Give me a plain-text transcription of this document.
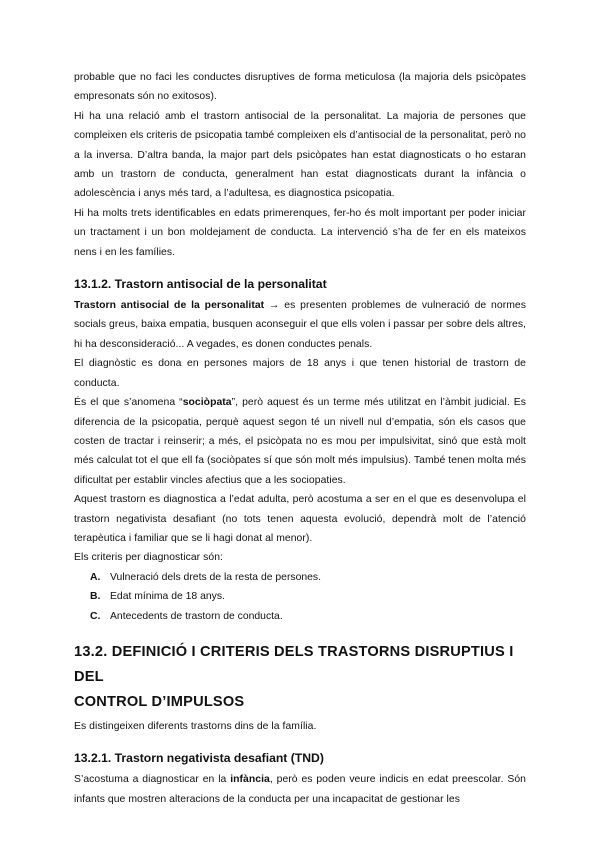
probable que no faci les conductes disruptives de forma meticulosa (la majoria dels psicòpates empresonats són no exitosos).

Hi ha una relació amb el trastorn antisocial de la personalitat. La majoria de persones que compleixen els criteris de psicopatia també compleixen els d’antisocial de la personalitat, però no a la inversa. D’altra banda, la major part dels psicòpates han estat diagnosticats o ho estaran amb un trastorn de conducta, generalment han estat diagnosticats durant la infància o adolescència i anys més tard, a l’adultesa, es diagnostica psicopatia.

Hi ha molts trets identificables en edats primerenques, fer-ho és molt important per poder iniciar un tractament i un bon moldejament de conducta. La intervenció s’ha de fer en els mateixos nens i en les famílies.

13.1.2. Trastorn antisocial de la personalitat

Trastorn antisocial de la personalitat → es presenten problemes de vulneració de normes socials greus, baixa empatia, busquen aconseguir el que ells volen i passar per sobre dels altres, hi ha desconsideració... A vegades, es donen conductes penals.

El diagnòstic es dona en persones majors de 18 anys i que tenen historial de trastorn de conducta.

És el que s’anomena “sociòpata”, però aquest és un terme més utilitzat en l’àmbit judicial. Es diferencia de la psicopatia, perquè aquest segon té un nivell nul d’empatia, són els casos que costen de tractar i reinserir; a més, el psicòpata no es mou per impulsivitat, sinó que està molt més calculat tot el que ell fa (sociòpates sí que són molt més impulsius). També tenen molta més dificultat per establir vincles afectius que a les sociopaties.

Aquest trastorn es diagnostica a l’edat adulta, però acostuma a ser en el que es desenvolupa el trastorn negativista desafiant (no tots tenen aquesta evolució, dependrà molt de l’atenció terapèutica i familiar que se li hagi donat al menor).

Els criteris per diagnosticar són:

A. Vulneració dels drets de la resta de persones.
B. Edat mínima de 18 anys.
C. Antecedents de trastorn de conducta.
13.2. DEFINICIÓ I CRITERIS DELS TRASTORNS DISRUPTIUS I DEL
CONTROL D’IMPULSOS

Es distingeixen diferents trastorns dins de la família.

13.2.1. Trastorn negativista desafiant (TND)

S’acostuma a diagnosticar en la infància, però es poden veure indicis en edat preescolar. Són infants que mostren alteracions de la conducta per una incapacitat de gestionar les
